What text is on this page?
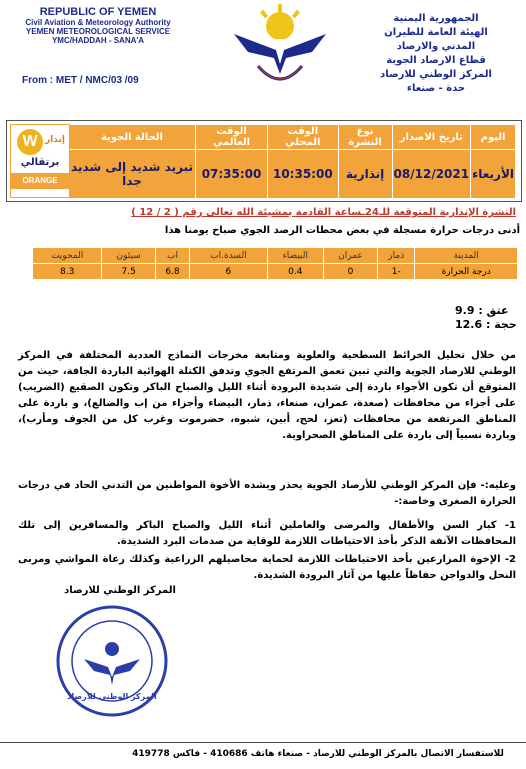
REPUBLIC OF YEMEN
Civil Aviation & Meteorology Authority
YEMEN METEOROLOGICAL SERVICE
YMC/HADDAH - SANA'A
From : MET / NMC/03 /09
الجمهورية اليمنية
الهيئة العامة للطيران المدني والارصاد
قطاع الارصاد الجوية
المركز الوطني للارصاد
حدة - صنعاء
اليوم	تاريخ الاصدار	نوع النشرة	الوقت المحلي	الوقت العالمي	الحالة الجوية
الأربعاء	08/12/2021	إنذارية	10:35:00	07:35:00	تبريد شديد إلى شديد جدا
W إنذار
برتقالي
ORANGE
النشرة الإنذارية المتوقعة للـ24ـساعة القادمة بمشيئة الله تعالى رقم ( 2 / 12 )
أدنى درجات حرارة مسجلة في بعض محطات الرصد الجوي صباح يومنا هذا
المدينة	ذمار	عمران	البيضاء	السدة.اب	اب	سيئون	المحويت
درجة الحرارة	-1	0	0.4	6	6.8	7.5	8.3
عتق : 9.9
حجة : 12.6
من خلال تحليل الخرائط السطحية والعلوية ومتابعة مخرجات النماذج العددية المختلفة في المركز الوطني للارصاد الجوية والتي تبين تعمق المرتفع الجوي وتدفق الكتلة الهوائية الباردة الجافة، حيث من المتوقع أن تكون الأجواء باردة إلى شديدة البرودة أثناء الليل والصباح الباكر وتكون الصقيع (الضريب) على أجزاء من محافظات (صعدة، عمران، صنعاء، ذمار، البيضاء وأجزاء من إب والضالع)، و باردة على المناطق المرتفعة من محافظات (تعز، لحج، أبين، شبوه، حضرموت وغرب كل من الجوف ومأرب)، وباردة نسبياً إلى باردة على المناطق الصحراوية.
وعليه:- فإن المركز الوطني للأرصاد الجوية يحذر ويشده الأخوة المواطنين من التدني الحاد في درجات الحرارة الصغرى وخاصة:-
1- كبار السن والأطفال والمرضى والعاملين أثناء الليل والصباح الباكر والمسافرين إلى تلك المحافظات الآنفة الذكر بأخذ الاحتياطات اللازمة للوقاية من صدمات البرد الشديدة.
2- الإخوة المزارعين بأخذ الاحتياطات اللازمة لحماية محاصيلهم الزراعية وكذلك رعاة المواشي ومربى النحل والدواجن حفاظاً عليها من آثار البرودة الشديدة.
المركز الوطني للارصاد
المركز الوطني للأرصاد
للاستفسار الاتصال بالمركز الوطني للارصاد - صنعاء هاتف 410686 - فاكس 419778
